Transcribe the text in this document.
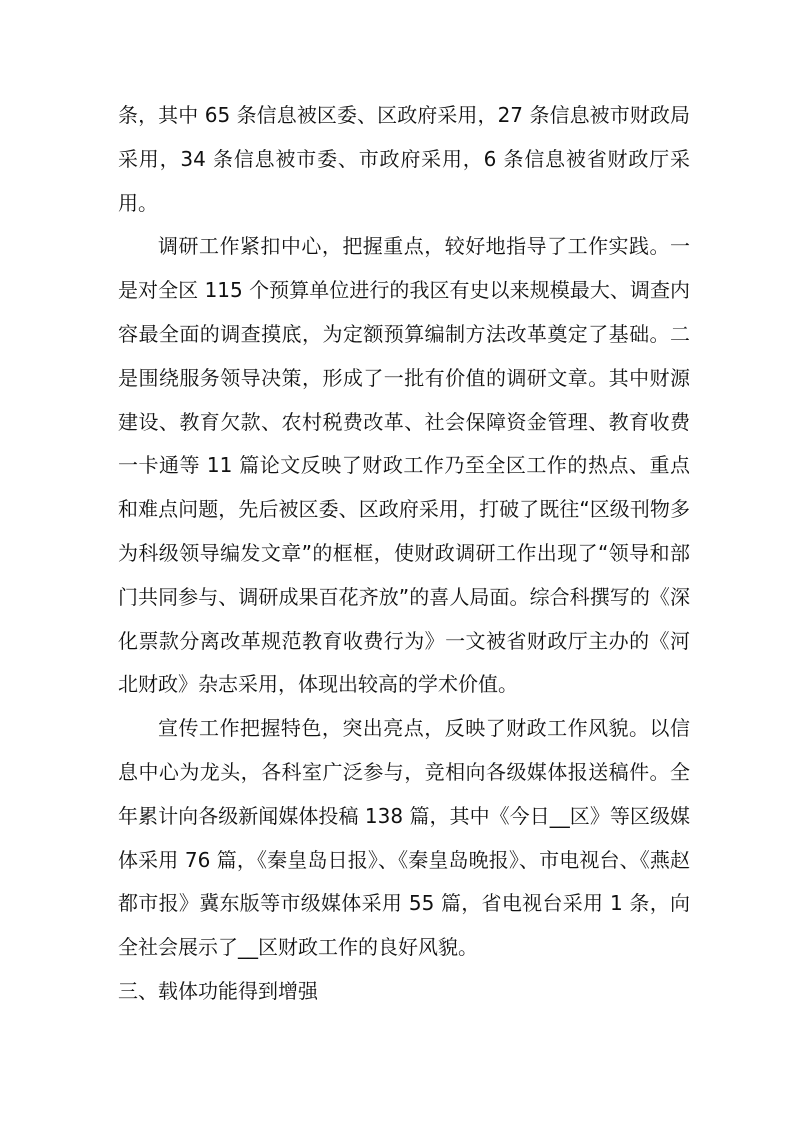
条，其中 65 条信息被区委、区政府采用，27 条信息被市财政局采用，34 条信息被市委、市政府采用，6 条信息被省财政厅采用。

调研工作紧扣中心，把握重点，较好地指导了工作实践。一是对全区 115 个预算单位进行的我区有史以来规模最大、调查内容最全面的调查摸底，为定额预算编制方法改革奠定了基础。二是围绕服务领导决策，形成了一批有价值的调研文章。其中财源建设、教育欠款、农村税费改革、社会保障资金管理、教育收费一卡通等 11 篇论文反映了财政工作乃至全区工作的热点、重点和难点问题，先后被区委、区政府采用，打破了既往“区级刊物多为科级领导编发文章”的框框，使财政调研工作出现了“领导和部门共同参与、调研成果百花齐放”的喜人局面。综合科撰写的《深化票款分离改革规范教育收费行为》一文被省财政厅主办的《河北财政》杂志采用，体现出较高的学术价值。

宣传工作把握特色，突出亮点，反映了财政工作风貌。以信息中心为龙头，各科室广泛参与，竞相向各级媒体报送稿件。全年累计向各级新闻媒体投稿 138 篇，其中《今日__区》等区级媒体采用 76 篇，《秦皇岛日报》、《秦皇岛晚报》、市电视台、《燕赵都市报》冀东版等市级媒体采用 55 篇，省电视台采用 1 条，向全社会展示了__区财政工作的良好风貌。

三、载体功能得到增强
